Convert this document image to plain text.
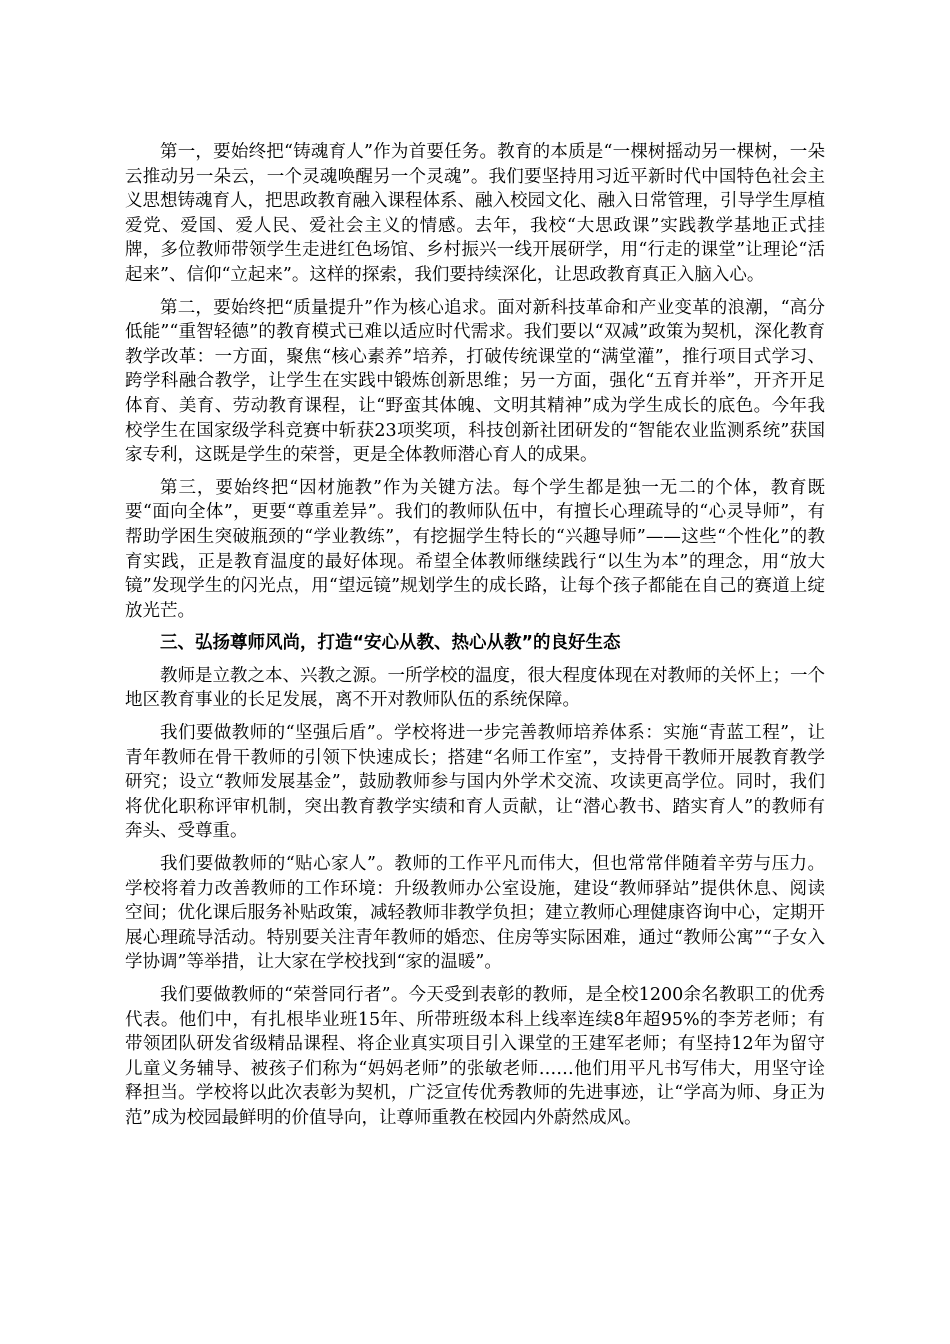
第一，要始终把“铸魂育人”作为首要任务。教育的本质是“一棵树摇动另一棵树，一朵云推动另一朵云，一个灵魂唤醒另一个灵魂”。我们要坚持用习近平新时代中国特色社会主义思想铸魂育人，把思政教育融入课程体系、融入校园文化、融入日常管理，引导学生厚植爱党、爱国、爱人民、爱社会主义的情感。去年，我校“大思政课”实践教学基地正式挂牌，多位教师带领学生走进红色场馆、乡村振兴一线开展研学，用“行走的课堂”让理论“活起来”、信仰“立起来”。这样的探索，我们要持续深化，让思政教育真正入脑入心。

第二，要始终把“质量提升”作为核心追求。面对新科技革命和产业变革的浪潮，“高分低能”“重智轻德”的教育模式已难以适应时代需求。我们要以“双减”政策为契机，深化教育教学改革：一方面，聚焦“核心素养”培养，打破传统课堂的“满堂灌”，推行项目式学习、跨学科融合教学，让学生在实践中锻炼创新思维；另一方面，强化“五育并举”，开齐开足体育、美育、劳动教育课程，让“野蛮其体魄、文明其精神”成为学生成长的底色。今年我校学生在国家级学科竞赛中斩获23项奖项，科技创新社团研发的“智能农业监测系统”获国家专利，这既是学生的荣誉，更是全体教师潜心育人的成果。

第三，要始终把“因材施教”作为关键方法。每个学生都是独一无二的个体，教育既要“面向全体”，更要“尊重差异”。我们的教师队伍中，有擅长心理疏导的“心灵导师”，有帮助学困生突破瓶颈的“学业教练”，有挖掘学生特长的“兴趣导师”——这些“个性化”的教育实践，正是教育温度的最好体现。希望全体教师继续践行“以生为本”的理念，用“放大镜”发现学生的闪光点，用“望远镜”规划学生的成长路，让每个孩子都能在自己的赛道上绽放光芒。

三、弘扬尊师风尚，打造“安心从教、热心从教”的良好生态

教师是立教之本、兴教之源。一所学校的温度，很大程度体现在对教师的关怀上；一个地区教育事业的长足发展，离不开对教师队伍的系统保障。

我们要做教师的“坚强后盾”。学校将进一步完善教师培养体系：实施“青蓝工程”，让青年教师在骨干教师的引领下快速成长；搭建“名师工作室”，支持骨干教师开展教育教学研究；设立“教师发展基金”，鼓励教师参与国内外学术交流、攻读更高学位。同时，我们将优化职称评审机制，突出教育教学实绩和育人贡献，让“潜心教书、踏实育人”的教师有奔头、受尊重。

我们要做教师的“贴心家人”。教师的工作平凡而伟大，但也常常伴随着辛劳与压力。学校将着力改善教师的工作环境：升级教师办公室设施，建设“教师驿站”提供休息、阅读空间；优化课后服务补贴政策，减轻教师非教学负担；建立教师心理健康咨询中心，定期开展心理疏导活动。特别要关注青年教师的婚恋、住房等实际困难，通过“教师公寓”“子女入学协调”等举措，让大家在学校找到“家的温暖”。

我们要做教师的“荣誉同行者”。今天受到表彰的教师，是全校1200余名教职工的优秀代表。他们中，有扎根毕业班15年、所带班级本科上线率连续8年超95%的李芳老师；有带领团队研发省级精品课程、将企业真实项目引入课堂的王建军老师；有坚持12年为留守儿童义务辅导、被孩子们称为“妈妈老师”的张敏老师……他们用平凡书写伟大，用坚守诠释担当。学校将以此次表彰为契机，广泛宣传优秀教师的先进事迹，让“学高为师、身正为范”成为校园最鲜明的价值导向，让尊师重教在校园内外蔚然成风。
